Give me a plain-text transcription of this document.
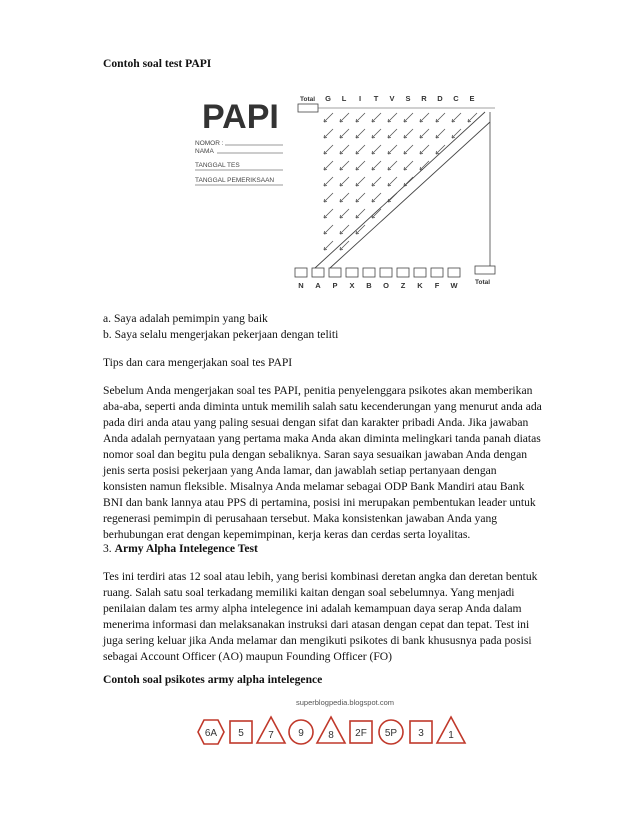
Contoh soal test PAPI

PAPI
NOMOR :
NAMA
TANGGAL TES
TANGGAL PEMERIKSAAN
Total G L I T V S R D C E
N A P X B O Z K F W	Total

a. Saya adalah pemimpin yang baik

b. Saya selalu mengerjakan pekerjaan dengan teliti

Tips dan cara mengerjakan soal tes PAPI

Sebelum Anda mengerjakan soal tes PAPI, penitia penyelenggara psikotes akan memberikan

aba-aba, seperti anda diminta untuk memilih salah satu kecenderungan yang menurut anda ada

pada diri anda atau yang paling sesuai dengan sifat dan karakter pribadi Anda. Jika jawaban

Anda adalah pernyataan yang pertama maka Anda akan diminta melingkari tanda panah diatas

nomor soal dan begitu pula dengan sebaliknya. Saran saya sesuaikan jawaban Anda dengan

jenis serta posisi pekerjaan yang Anda lamar, dan jawablah setiap pertanyaan dengan

konsisten namun fleksible. Misalnya Anda melamar sebagai ODP Bank Mandiri atau Bank

BNI dan bank lannya atau PPS di pertamina, posisi ini merupakan pembentukan leader untuk

regenerasi pemimpin di perusahaan tersebut. Maka konsistenkan jawaban Anda yang

berhubungan erat dengan kepemimpinan, kerja keras dan cerdas serta loyalitas.

3. Army Alpha Intelegence Test

Tes ini terdiri atas 12 soal atau lebih, yang berisi kombinasi deretan angka dan deretan bentuk

ruang. Salah satu soal terkadang memiliki kaitan dengan soal sebelumnya. Yang menjadi

penilaian dalam tes army alpha intelegence ini adalah kemampuan daya serap Anda dalam

menerima informasi dan melaksanakan instruksi dari atasan dengan cepat dan tepat. Test ini

juga sering keluar jika Anda melamar dan mengikuti psikotes di bank khususnya pada posisi

sebagai Account Officer (AO) maupun Founding Officer (FO)

Contoh soal psikotes army alpha intelegence

superblogpedia.blogspot.com
6A 5 7 9 8 2F 5P 3 1
